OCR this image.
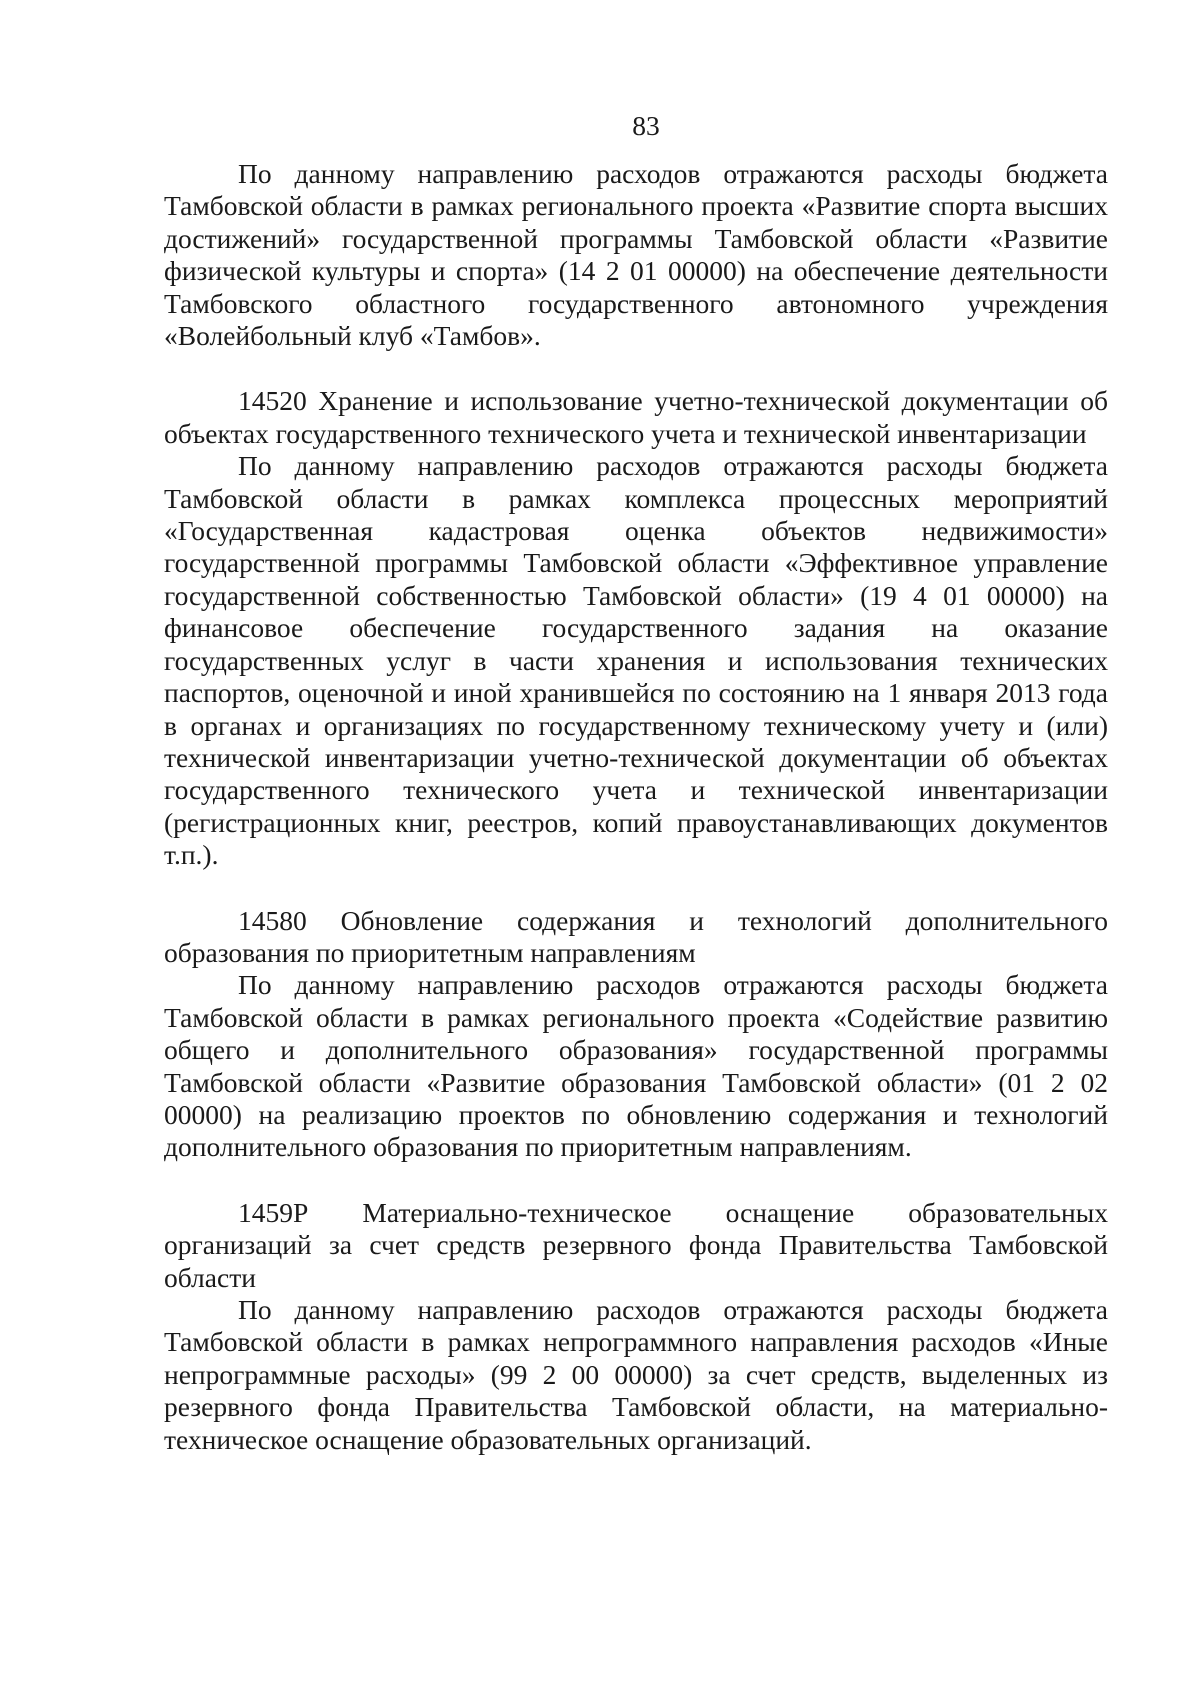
83

По данному направлению расходов отражаются расходы бюджета Тамбовской области в рамках регионального проекта «Развитие спорта высших достижений» государственной программы Тамбовской области «Развитие физической культуры и спорта» (14 2 01 00000) на обеспечение деятельности Тамбовского областного государственного автономного учреждения «Волейбольный клуб «Тамбов».

14520 Хранение и использование учетно-технической документации об объектах государственного технического учета и технической инвентаризации

По данному направлению расходов отражаются расходы бюджета Тамбовской области в рамках комплекса процессных мероприятий «Государственная кадастровая оценка объектов недвижимости» государственной программы Тамбовской области «Эффективное управление государственной собственностью Тамбовской области» (19 4 01 00000) на финансовое обеспечение государственного задания на оказание государственных услуг в части хранения и использования технических паспортов, оценочной и иной хранившейся по состоянию на 1 января 2013 года в органах и организациях по государственному техническому учету и (или) технической инвентаризации учетно-технической документации об объектах государственного технического учета и технической инвентаризации (регистрационных книг, реестров, копий правоустанавливающих документов т.п.).

14580 Обновление содержания и технологий дополнительного образования по приоритетным направлениям

По данному направлению расходов отражаются расходы бюджета Тамбовской области в рамках регионального проекта «Содействие развитию общего и дополнительного образования» государственной программы Тамбовской области «Развитие образования Тамбовской области» (01 2 02 00000) на реализацию проектов по обновлению содержания и технологий дополнительного образования по приоритетным направлениям.

1459Р Материально-техническое оснащение образовательных организаций за счет средств резервного фонда Правительства Тамбовской области

По данному направлению расходов отражаются расходы бюджета Тамбовской области в рамках непрограммного направления расходов «Иные непрограммные расходы» (99 2 00 00000) за счет средств, выделенных из резервного фонда Правительства Тамбовской области, на материально-техническое оснащение образовательных организаций.
